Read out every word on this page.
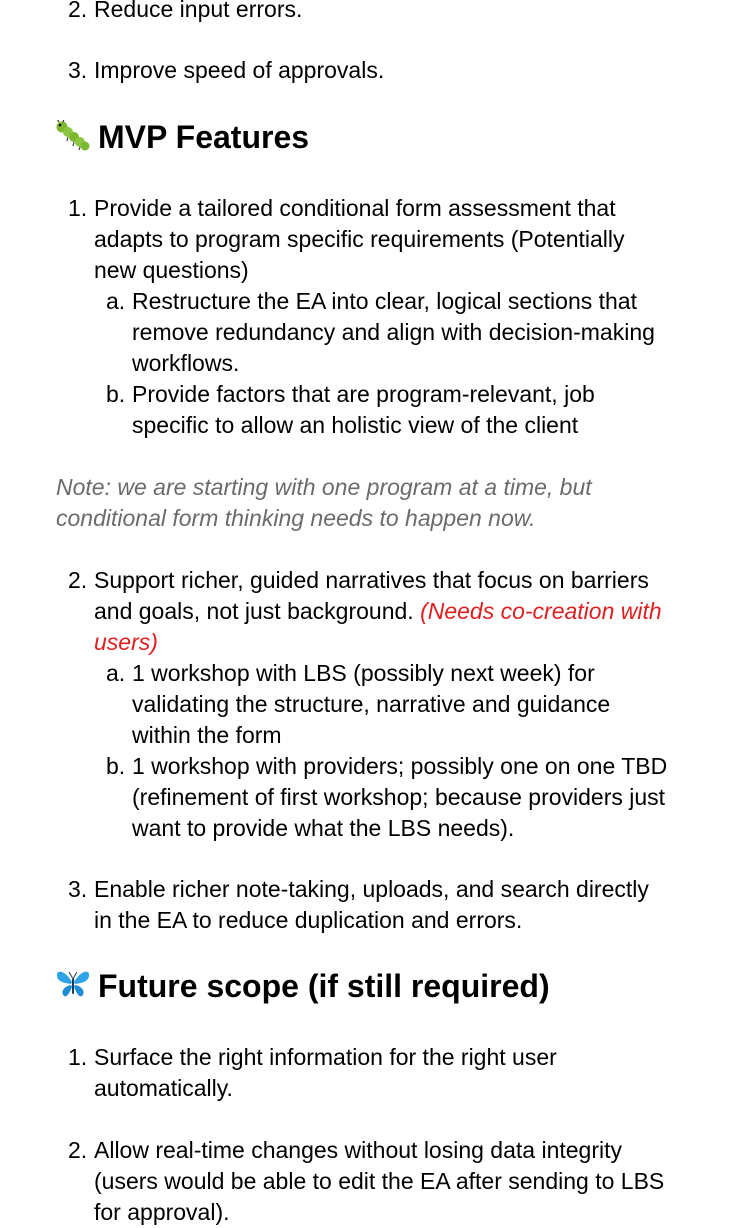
2. Reduce input errors.
3. Improve speed of approvals.
MVP Features
1. Provide a tailored conditional form assessment that
adapts to program specific requirements (Potentially
new questions)
a. Restructure the EA into clear, logical sections that
remove redundancy and align with decision-making
workflows.
b. Provide factors that are program-relevant, job
specific to allow an holistic view of the client
Note: we are starting with one program at a time, but
conditional form thinking needs to happen now.
2. Support richer, guided narratives that focus on barriers
and goals, not just background. (Needs co-creation with
users)
a. 1 workshop with LBS (possibly next week) for
validating the structure, narrative and guidance
within the form
b. 1 workshop with providers; possibly one on one TBD
(refinement of first workshop; because providers just
want to provide what the LBS needs).
3. Enable richer note-taking, uploads, and search directly
in the EA to reduce duplication and errors.
Future scope (if still required)
1. Surface the right information for the right user
automatically.
2. Allow real-time changes without losing data integrity
(users would be able to edit the EA after sending to LBS
for approval).
